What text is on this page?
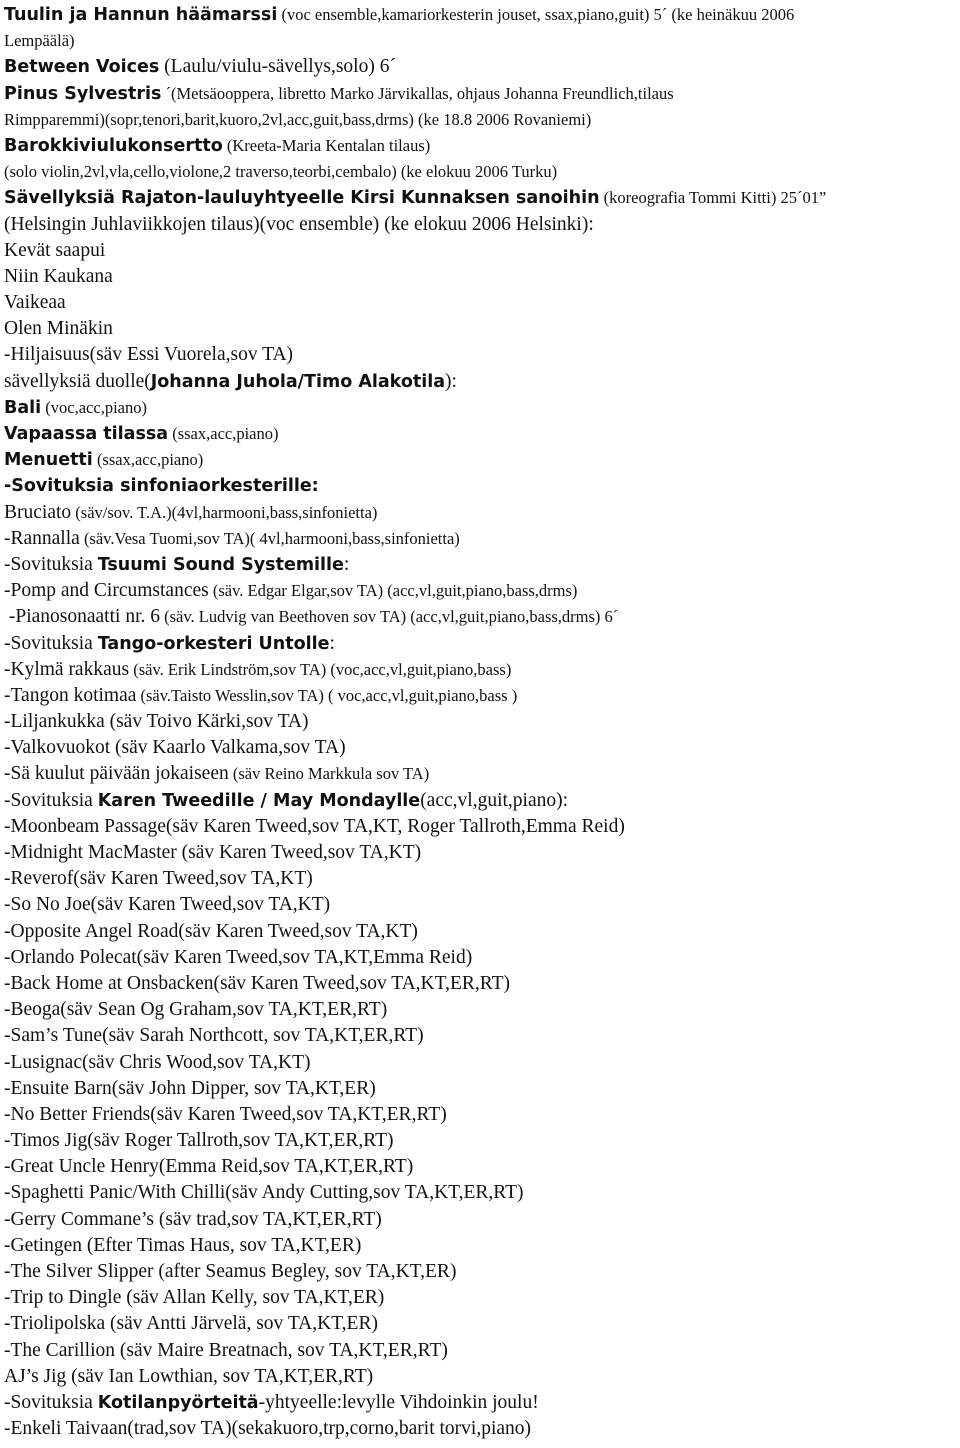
Tuulin ja Hannun häämarssi (voc ensemble,kamariorkesterin jouset, ssax,piano,guit) 5´ (ke heinäkuu 2006
Lempäälä)
Between Voices (Laulu/viulu-sävellys,solo) 6´
Pinus Sylvestris ´(Metsäooppera, libretto Marko Järvikallas, ohjaus Johanna Freundlich,tilaus
Rimpparemmi)(sopr,tenori,barit,kuoro,2vl,acc,guit,bass,drms) (ke 18.8 2006 Rovaniemi)
Barokkiviulukonsertto (Kreeta-Maria Kentalan tilaus)
(solo violin,2vl,vla,cello,violone,2 traverso,teorbi,cembalo) (ke elokuu 2006 Turku)
Sävellyksiä Rajaton-lauluyhtyeelle Kirsi Kunnaksen sanoihin (koreografia Tommi Kitti) 25´01”
(Helsingin Juhlaviikkojen tilaus)(voc ensemble) (ke elokuu 2006 Helsinki):
Kevät saapui
Niin Kaukana
Vaikeaa
Olen Minäkin
-Hiljaisuus(säv Essi Vuorela,sov TA)
sävellyksiä duolle(Johanna Juhola/Timo Alakotila):
Bali (voc,acc,piano)
Vapaassa tilassa (ssax,acc,piano)
Menuetti (ssax,acc,piano)
-Sovituksia sinfoniaorkesterille:
Bruciato (säv/sov. T.A.)(4vl,harmooni,bass,sinfonietta)
-Rannalla (säv.Vesa Tuomi,sov TA)( 4vl,harmooni,bass,sinfonietta)
-Sovituksia Tsuumi Sound Systemille:
-Pomp and Circumstances (säv. Edgar Elgar,sov TA) (acc,vl,guit,piano,bass,drms)
-Pianosonaatti nr. 6 (säv. Ludvig van Beethoven sov TA) (acc,vl,guit,piano,bass,drms) 6´
-Sovituksia Tango-orkesteri Untolle:
-Kylmä rakkaus (säv. Erik Lindström,sov TA) (voc,acc,vl,guit,piano,bass)
-Tangon kotimaa (säv.Taisto Wesslin,sov TA) ( voc,acc,vl,guit,piano,bass )
-Liljankukka (säv Toivo Kärki,sov TA)
-Valkovuokot (säv Kaarlo Valkama,sov TA)
-Sä kuulut päivään jokaiseen (säv Reino Markkula sov TA)
-Sovituksia Karen Tweedille / May Mondaylle(acc,vl,guit,piano):
-Moonbeam Passage(säv Karen Tweed,sov TA,KT, Roger Tallroth,Emma Reid)
-Midnight MacMaster (säv Karen Tweed,sov TA,KT)
-Reverof(säv Karen Tweed,sov TA,KT)
-So No Joe(säv Karen Tweed,sov TA,KT)
-Opposite Angel Road(säv Karen Tweed,sov TA,KT)
-Orlando Polecat(säv Karen Tweed,sov TA,KT,Emma Reid)
-Back Home at Onsbacken(säv Karen Tweed,sov TA,KT,ER,RT)
-Beoga(säv Sean Og Graham,sov TA,KT,ER,RT)
-Sam’s Tune(säv Sarah Northcott, sov TA,KT,ER,RT)
-Lusignac(säv Chris Wood,sov TA,KT)
-Ensuite Barn(säv John Dipper, sov TA,KT,ER)
-No Better Friends(säv Karen Tweed,sov TA,KT,ER,RT)
-Timos Jig(säv Roger Tallroth,sov TA,KT,ER,RT)
-Great Uncle Henry(Emma Reid,sov TA,KT,ER,RT)
-Spaghetti Panic/With Chilli(säv Andy Cutting,sov TA,KT,ER,RT)
-Gerry Commane’s (säv trad,sov TA,KT,ER,RT)
-Getingen (Efter Timas Haus, sov TA,KT,ER)
-The Silver Slipper (after Seamus Begley, sov TA,KT,ER)
-Trip to Dingle (säv Allan Kelly, sov TA,KT,ER)
-Triolipolska (säv Antti Järvelä, sov TA,KT,ER)
-The Carillion (säv Maire Breatnach, sov TA,KT,ER,RT)
AJ’s Jig (säv Ian Lowthian, sov TA,KT,ER,RT)
-Sovituksia Kotilanpyörteitä-yhtyeelle:levylle Vihdoinkin joulu!
-Enkeli Taivaan(trad,sov TA)(sekakuoro,trp,corno,barit torvi,piano)
